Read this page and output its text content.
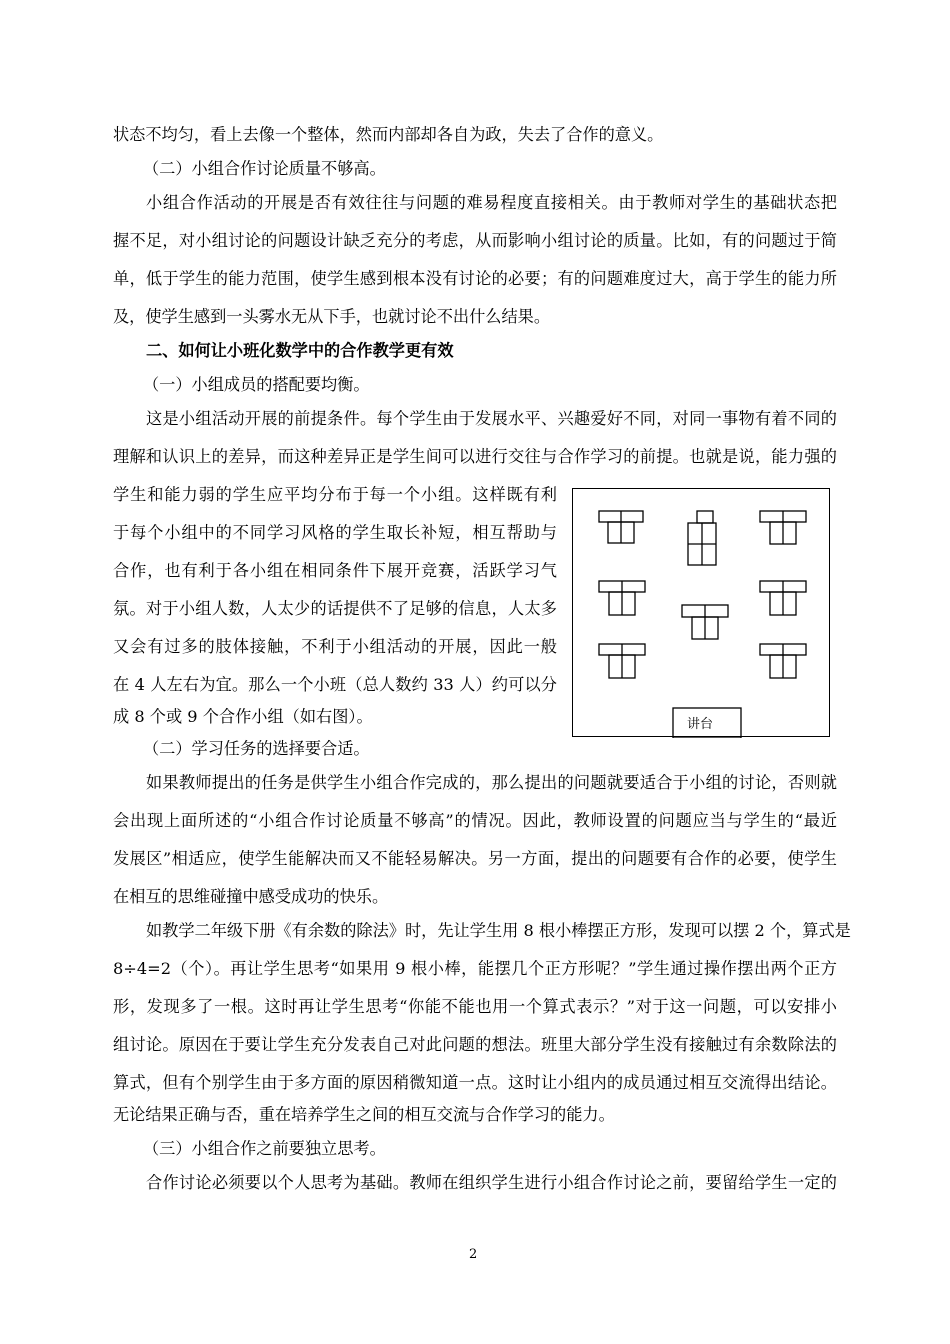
状态不均匀，看上去像一个整体，然而内部却各自为政，失去了合作的意义。
（二）小组合作讨论质量不够高。
小组合作活动的开展是否有效往往与问题的难易程度直接相关。由于教师对学生的基础状态把
握不足，对小组讨论的问题设计缺乏充分的考虑，从而影响小组讨论的质量。比如，有的问题过于简
单，低于学生的能力范围，使学生感到根本没有讨论的必要；有的问题难度过大，高于学生的能力所
及，使学生感到一头雾水无从下手，也就讨论不出什么结果。
二、如何让小班化数学中的合作教学更有效
（一）小组成员的搭配要均衡。
这是小组活动开展的前提条件。每个学生由于发展水平、兴趣爱好不同，对同一事物有着不同的
理解和认识上的差异，而这种差异正是学生间可以进行交往与合作学习的前提。也就是说，能力强的
学生和能力弱的学生应平均分布于每一个小组。这样既有利
于每个小组中的不同学习风格的学生取长补短，相互帮助与
合作，也有利于各小组在相同条件下展开竞赛，活跃学习气
氛。对于小组人数，人太少的话提供不了足够的信息，人太多
又会有过多的肢体接触，不利于小组活动的开展，因此一般
在 4 人左右为宜。那么一个小班（总人数约 33 人）约可以分
成 8 个或 9 个合作小组（如右图）。	讲台
（二）学习任务的选择要合适。
如果教师提出的任务是供学生小组合作完成的，那么提出的问题就要适合于小组的讨论，否则就
会出现上面所述的“小组合作讨论质量不够高”的情况。因此，教师设置的问题应当与学生的“最近
发展区”相适应，使学生能解决而又不能轻易解决。另一方面，提出的问题要有合作的必要，使学生
在相互的思维碰撞中感受成功的快乐。
如教学二年级下册《有余数的除法》时，先让学生用 8 根小棒摆正方形，发现可以摆 2 个，算式是
8÷4=2（个）。再让学生思考“如果用 9 根小棒，能摆几个正方形呢？”学生通过操作摆出两个正方
形，发现多了一根。这时再让学生思考“你能不能也用一个算式表示？”对于这一问题，可以安排小
组讨论。原因在于要让学生充分发表自己对此问题的想法。班里大部分学生没有接触过有余数除法的
算式，但有个别学生由于多方面的原因稍微知道一点。这时让小组内的成员通过相互交流得出结论。
无论结果正确与否，重在培养学生之间的相互交流与合作学习的能力。
（三）小组合作之前要独立思考。
合作讨论必须要以个人思考为基础。教师在组织学生进行小组合作讨论之前，要留给学生一定的
2
